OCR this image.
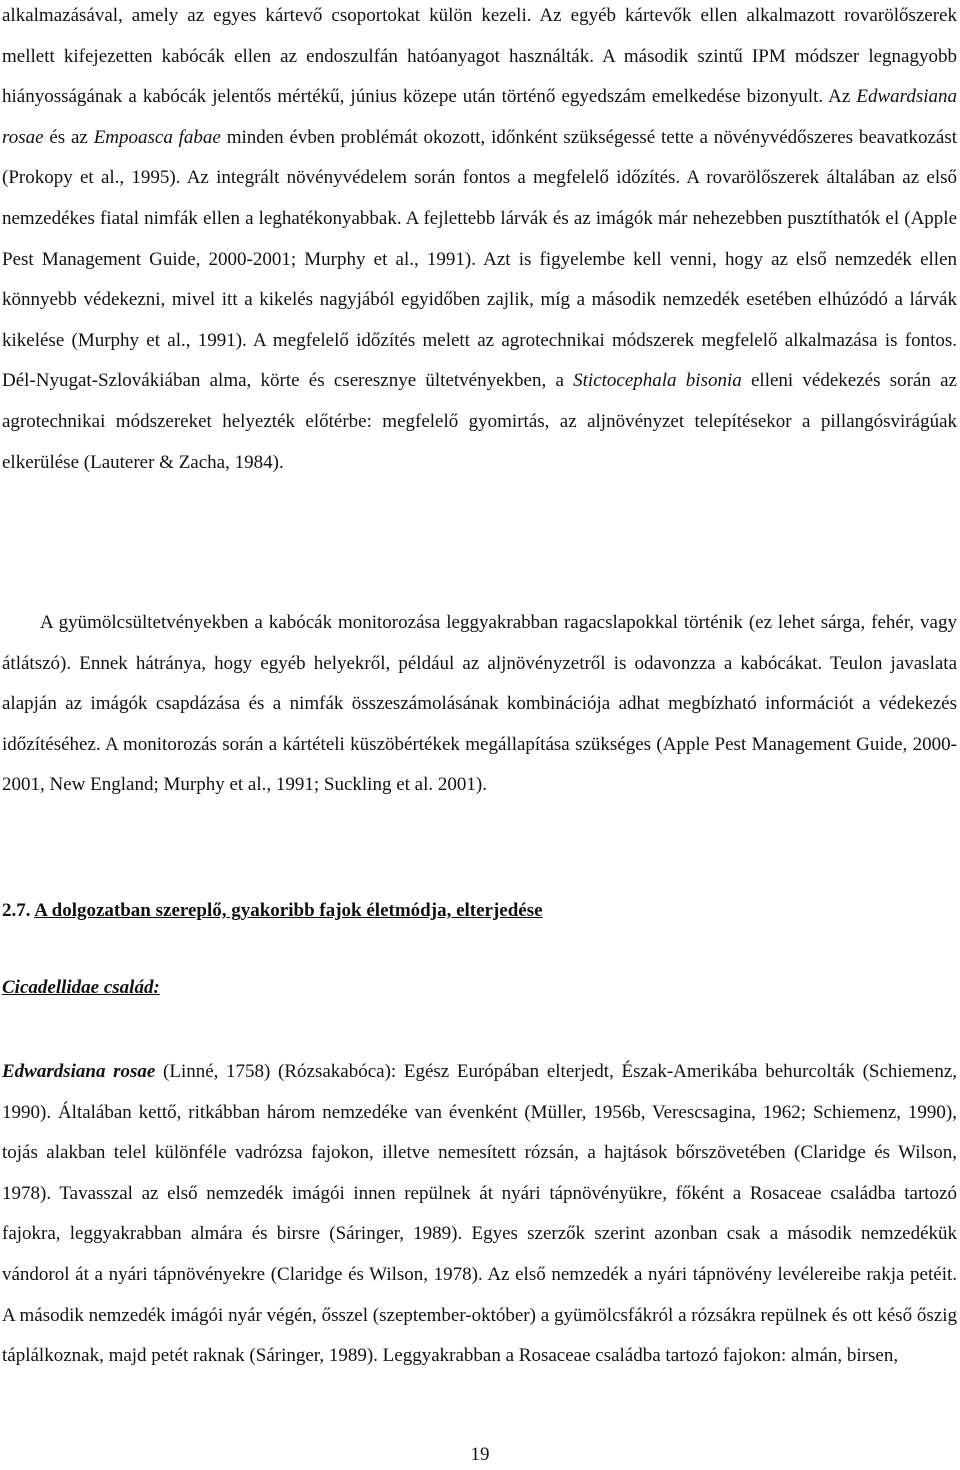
alkalmazásával, amely az egyes kártevő csoportokat külön kezeli. Az egyéb kártevők ellen alkalmazott rovarölőszerek mellett kifejezetten kabócák ellen az endoszulfán hatóanyagot használták. A második szintű IPM módszer legnagyobb hiányosságának a kabócák jelentős mértékű, június közepe után történő egyedszám emelkedése bizonyult. Az Edwardsiana rosae és az Empoasca fabae minden évben problémát okozott, időnként szükségessé tette a növényvédőszeres beavatkozást (Prokopy et al., 1995). Az integrált növényvédelem során fontos a megfelelő időzítés. A rovarölőszerek általában az első nemzedékes fiatal nimfák ellen a leghatékonyabbak. A fejlettebb lárvák és az imágók már nehezebben pusztíthatók el (Apple Pest Management Guide, 2000-2001; Murphy et al., 1991). Azt is figyelembe kell venni, hogy az első nemzedék ellen könnyebb védekezni, mivel itt a kikelés nagyjából egyidőben zajlik, míg a második nemzedék esetében elhúzódó a lárvák kikelése (Murphy et al., 1991). A megfelelő időzítés melett az agrotechnikai módszerek megfelelő alkalmazása is fontos. Dél-Nyugat-Szlovákiában alma, körte és cseresznye ültetvényekben, a Stictocephala bisonia elleni védekezés során az agrotechnikai módszereket helyezték előtérbe: megfelelő gyomirtás, az aljnövényzet telepítésekor a pillangósvirágúak elkerülése (Lauterer & Zacha, 1984).

A gyümölcsültetvényekben a kabócák monitorozása leggyakrabban ragacslapokkal történik (ez lehet sárga, fehér, vagy átlátszó). Ennek hátránya, hogy egyéb helyekről, például az aljnövényzetről is odavonzza a kabócákat. Teulon javaslata alapján az imágók csapdázása és a nimfák összeszámolásának kombinációja adhat megbízható információt a védekezés időzítéséhez. A monitorozás során a kártételi küszöbértékek megállapítása szükséges (Apple Pest Management Guide, 2000-2001, New England; Murphy et al., 1991; Suckling et al. 2001).

2.7. A dolgozatban szereplő, gyakoribb fajok életmódja, elterjedése
Cicadellidae család:

Edwardsiana rosae (Linné, 1758) (Rózsakabóca): Egész Európában elterjedt, Észak-Amerikába behurcolták (Schiemenz, 1990). Általában kettő, ritkábban három nemzedéke van évenként (Müller, 1956b, Verescsagina, 1962; Schiemenz, 1990), tojás alakban telel különféle vadrózsa fajokon, illetve nemesített rózsán, a hajtások bőrszövetében (Claridge és Wilson, 1978). Tavasszal az első nemzedék imágói innen repülnek át nyári tápnövényükre, főként a Rosaceae családba tartozó fajokra, leggyakrabban almára és birsre (Sáringer, 1989). Egyes szerzők szerint azonban csak a második nemzedékük vándorol át a nyári tápnövényekre (Claridge és Wilson, 1978). Az első nemzedék a nyári tápnövény levélereibe rakja petéit. A második nemzedék imágói nyár végén, ősszel (szeptember-október) a gyümölcsfákról a rózsákra repülnek és ott késő őszig táplálkoznak, majd petét raknak (Sáringer, 1989). Leggyakrabban a Rosaceae családba tartozó fajokon: almán, birsen,

19
